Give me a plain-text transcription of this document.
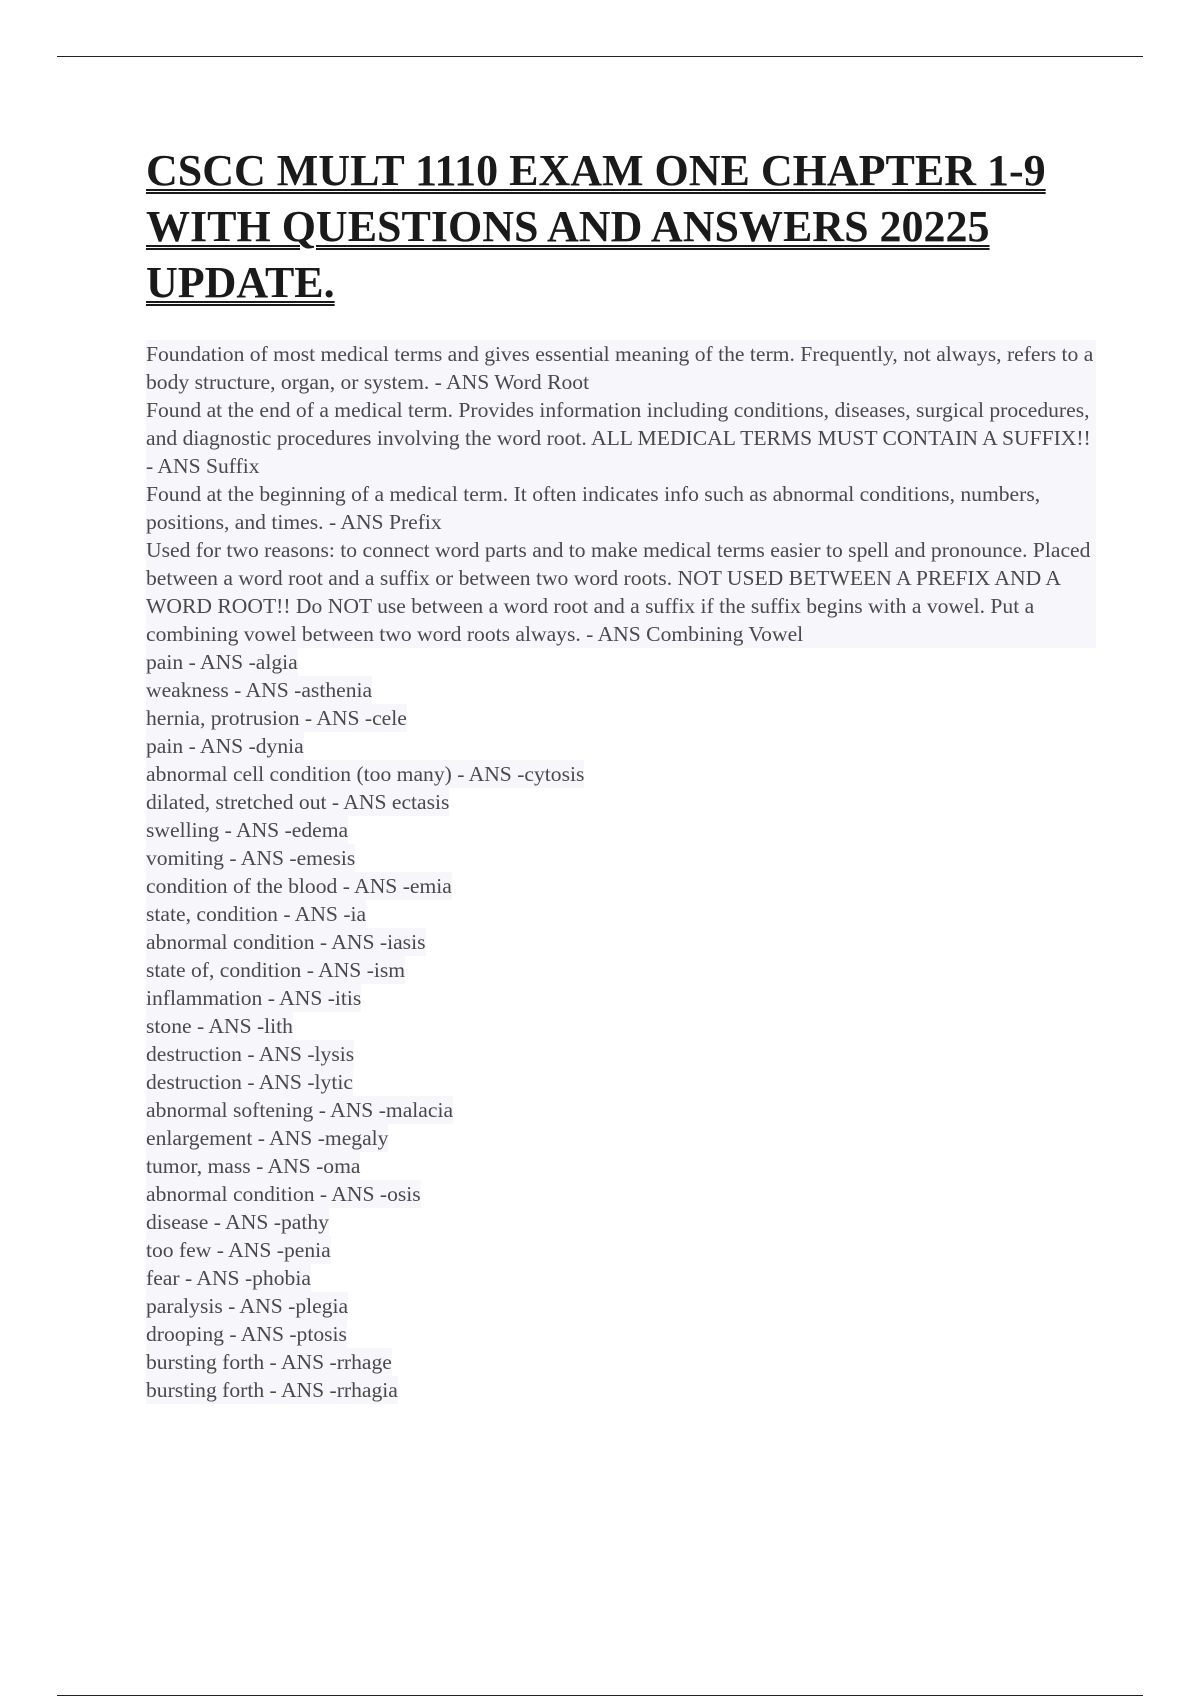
CSCC MULT 1110 EXAM ONE CHAPTER 1-9 WITH QUESTIONS AND ANSWERS 20225 UPDATE.
Foundation of most medical terms and gives essential meaning of the term. Frequently, not always, refers to a body structure, organ, or system. - ANS Word Root
Found at the end of a medical term. Provides information including conditions, diseases, surgical procedures, and diagnostic procedures involving the word root. ALL MEDICAL TERMS MUST CONTAIN A SUFFIX!! - ANS Suffix
Found at the beginning of a medical term. It often indicates info such as abnormal conditions, numbers, positions, and times. - ANS Prefix
Used for two reasons: to connect word parts and to make medical terms easier to spell and pronounce. Placed between a word root and a suffix or between two word roots. NOT USED BETWEEN A PREFIX AND A WORD ROOT!! Do NOT use between a word root and a suffix if the suffix begins with a vowel. Put a combining vowel between two word roots always. - ANS Combining Vowel
pain - ANS -algia
weakness - ANS -asthenia
hernia, protrusion - ANS -cele
pain - ANS -dynia
abnormal cell condition (too many) - ANS -cytosis
dilated, stretched out - ANS ectasis
swelling - ANS -edema
vomiting - ANS -emesis
condition of the blood - ANS -emia
state, condition - ANS -ia
abnormal condition - ANS -iasis
state of, condition - ANS -ism
inflammation - ANS -itis
stone - ANS -lith
destruction - ANS -lysis
destruction - ANS -lytic
abnormal softening - ANS -malacia
enlargement - ANS -megaly
tumor, mass - ANS -oma
abnormal condition - ANS -osis
disease - ANS -pathy
too few - ANS -penia
fear - ANS -phobia
paralysis - ANS -plegia
drooping - ANS -ptosis
bursting forth - ANS -rrhage
bursting forth - ANS -rrhagia
